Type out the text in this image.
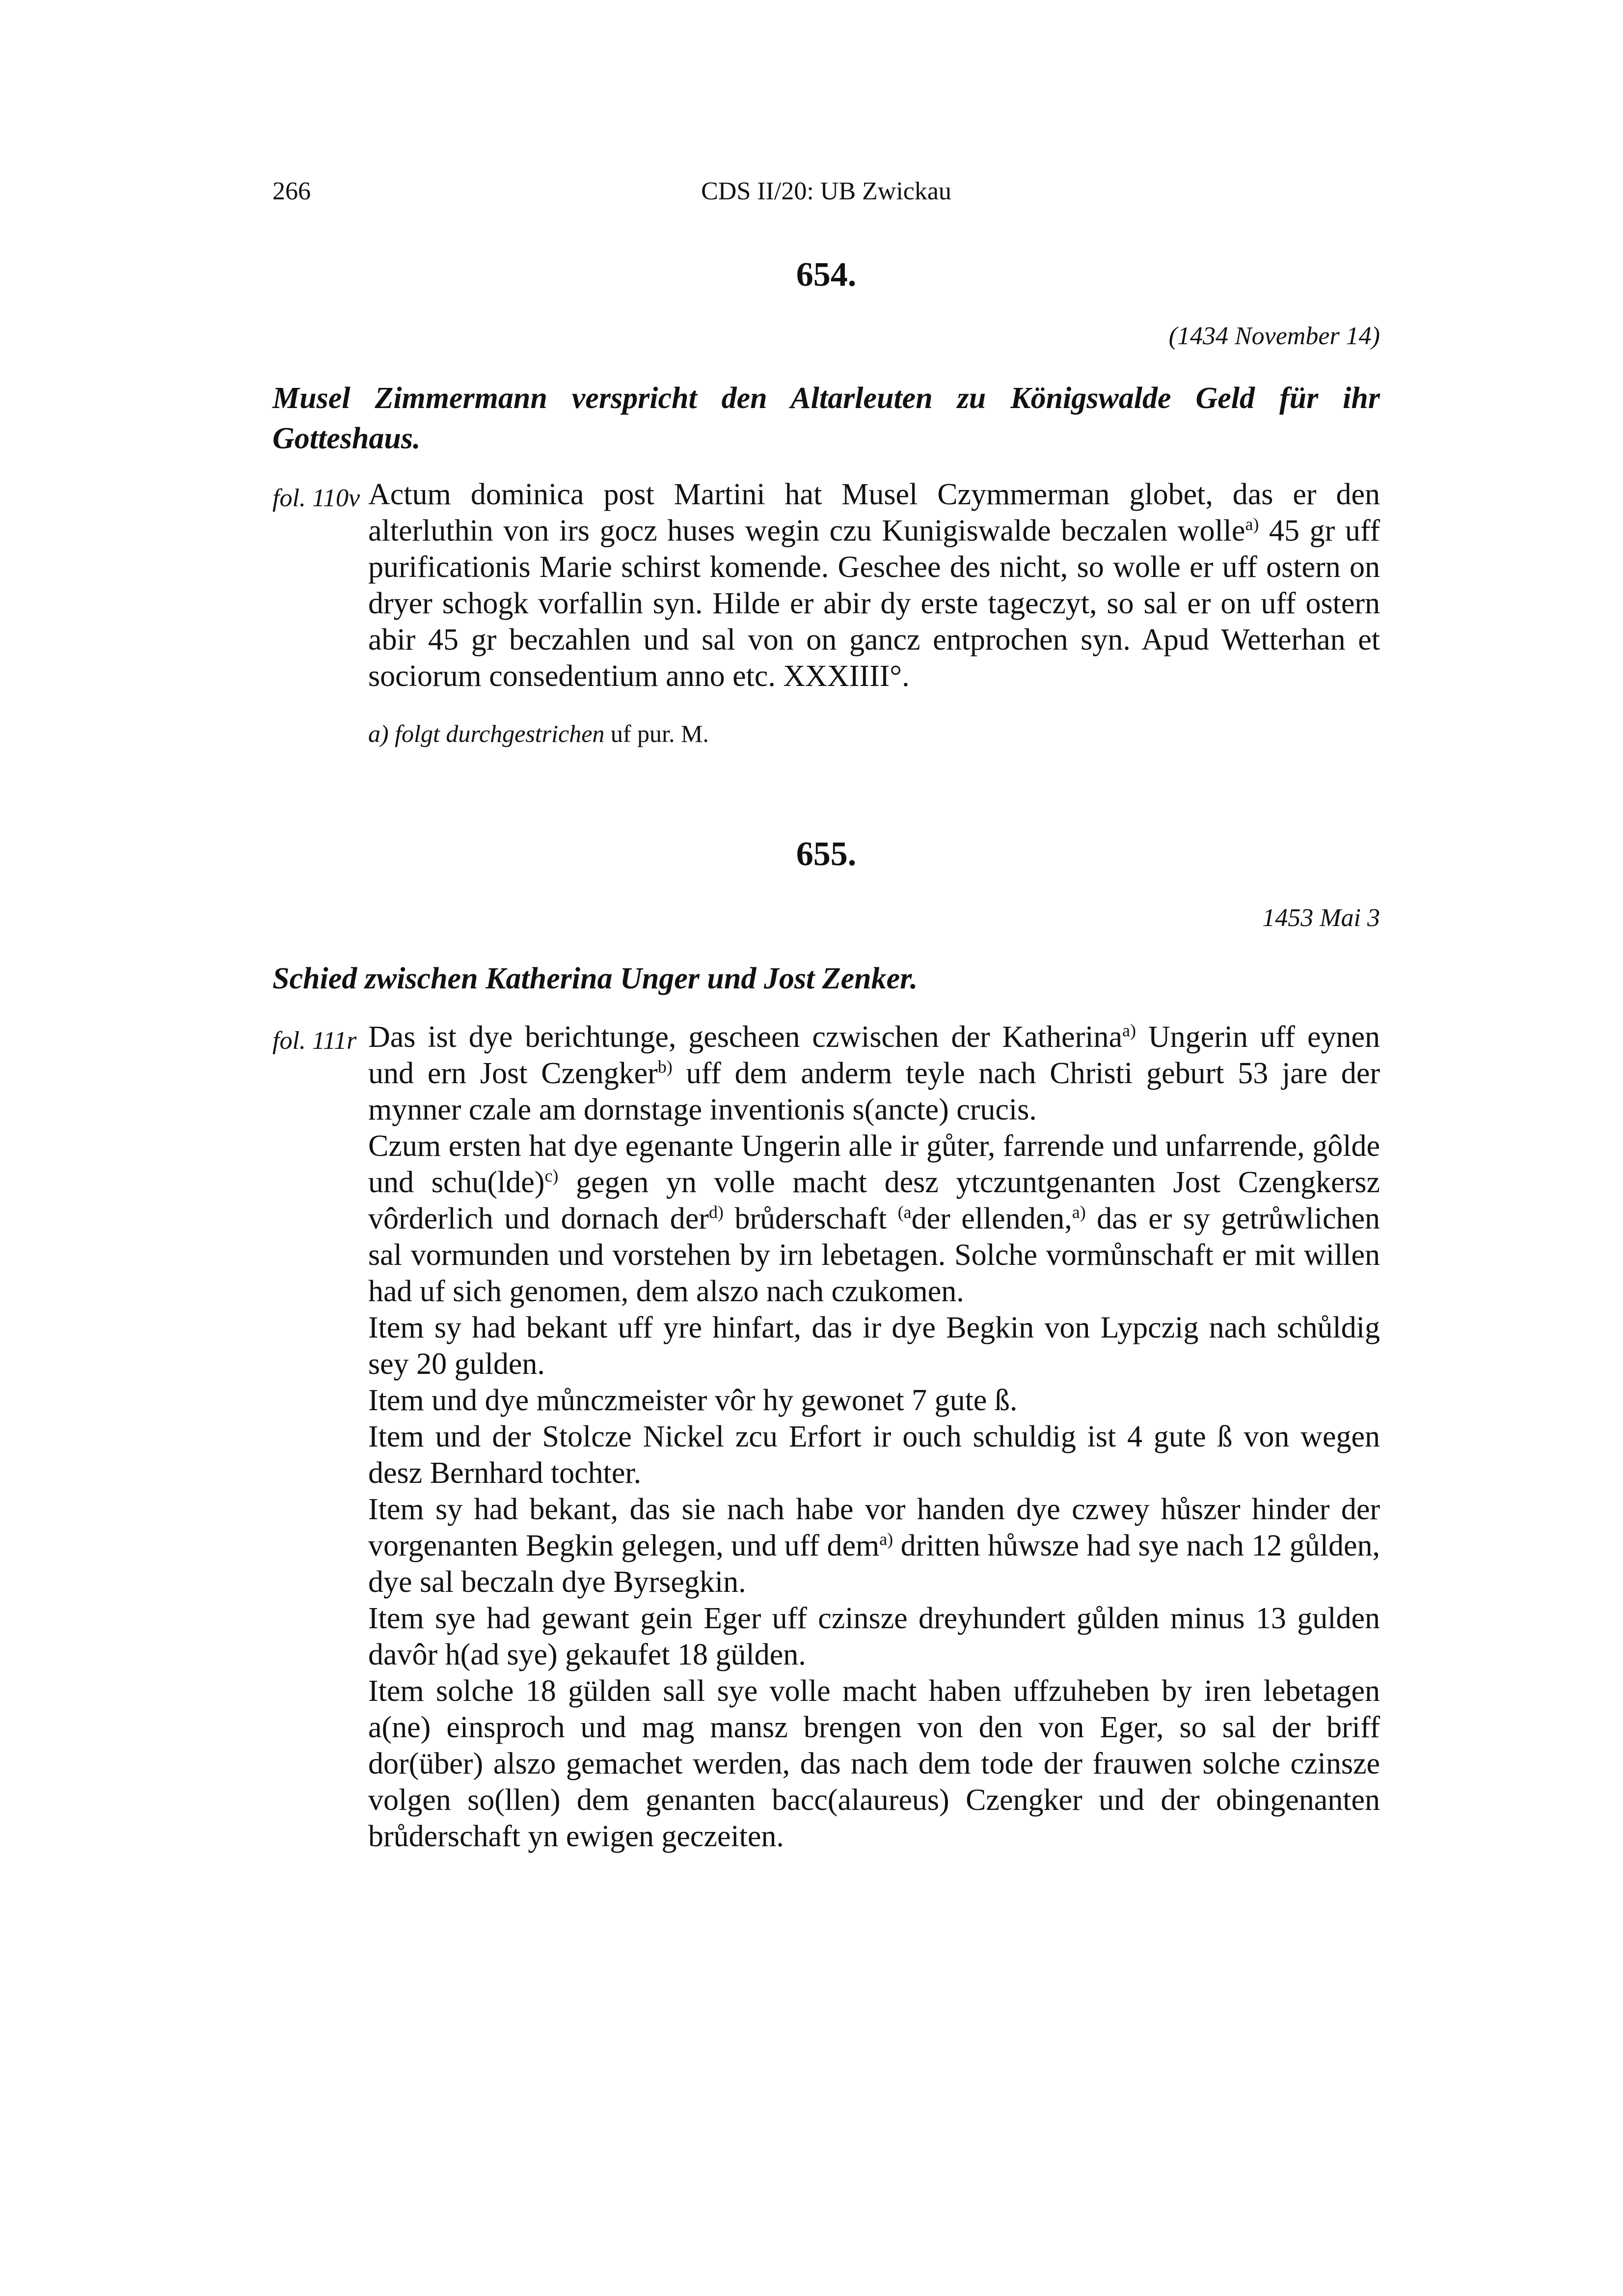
266	CDS II/20: UB Zwickau
654.
(1434 November 14)
Musel Zimmermann verspricht den Altarleuten zu Königswalde Geld für ihr Gotteshaus.
fol. 110v Actum dominica post Martini hat Musel Czymmerman globet, das er den alterluthin von irs gocz huses wegin czu Kunigiswalde beczalen wolle$^{a)}$ 45 gr uff purificationis Marie schirst komende. Geschee des nicht, so wolle er uff ostern on dryer schogk vorfallin syn. Hilde er abir dy erste tageczyt, so sal er on uff ostern abir 45 gr beczahlen und sal von on gancz entprochen syn. Apud Wetterhan et sociorum consedentium anno etc. XXXIIII°.

a) folgt durchgestrichen uf pur. M.
655.
1453 Mai 3
Schied zwischen Katherina Unger und Jost Zenker.
fol. 111r Das ist dye berichtunge, gescheen czwischen der Katherina$^{a)}$ Ungerin uff eynen und ern Jost Czengker$^{b)}$ uff dem anderm teyle nach Christi geburt 53 jare der mynner czale am dornstage inventionis s(ancte) crucis.

Czum ersten hat dye egenante Ungerin alle ir gůter, farrende und unfarrende, gôlde und schu(lde)$^{c)}$ gegen yn volle macht desz ytczuntgenanten Jost Czengkersz vôrderlich und dornach der$^{d)}$ brůderschaft $^{(a}$der ellenden,$^{a)}$ das er sy getrůwlichen sal vormunden und vorstehen by irn lebetagen. Solche vormůnschaft er mit willen had uf sich genomen, dem alszo nach czukomen.

Item sy had bekant uff yre hinfart, das ir dye Begkin von Lypczig nach schůldig sey 20 gulden.

Item und dye můnczmeister vôr hy gewonet 7 gute ß.

Item und der Stolcze Nickel zcu Erfort ir ouch schuldig ist 4 gute ß von wegen desz Bernhard tochter.

Item sy had bekant, das sie nach habe vor handen dye czwey hůszer hinder der vorgenanten Begkin gelegen, und uff dem$^{a)}$ dritten hůwsze had sye nach 12 gůlden, dye sal beczaln dye Byrsegkin.

Item sye had gewant gein Eger uff czinsze dreyhundert gůlden minus 13 gulden davôr h(ad sye) gekaufet 18 gülden.

Item solche 18 gülden sall sye volle macht haben uffzuheben by iren lebetagen a(ne) einsproch und mag mansz brengen von den von Eger, so sal der briff dor(über) alszo gemachet werden, das nach dem tode der frauwen solche czinsze volgen so(llen) dem genanten bacc(alaureus) Czengker und der obingenanten brůderschaft yn ewigen geczeiten.
